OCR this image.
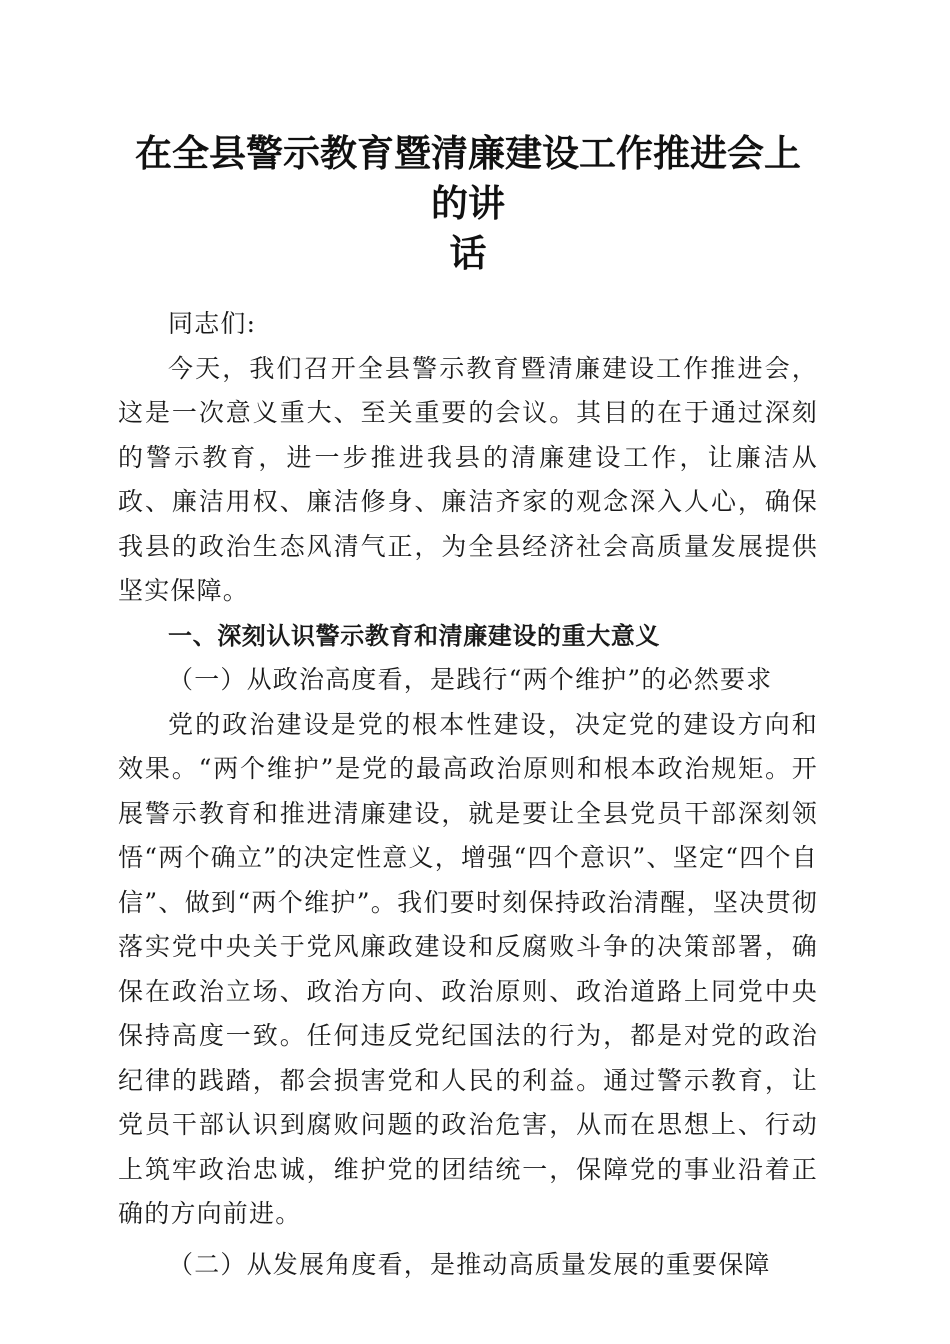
在全县警示教育暨清廉建设工作推进会上的讲
话

同志们:

今天，我们召开全县警示教育暨清廉建设工作推进会，这是一次意义重大、至关重要的会议。其目的在于通过深刻的警示教育，进一步推进我县的清廉建设工作，让廉洁从政、廉洁用权、廉洁修身、廉洁齐家的观念深入人心，确保我县的政治生态风清气正，为全县经济社会高质量发展提供坚实保障。

一、深刻认识警示教育和清廉建设的重大意义

（一）从政治高度看，是践行“两个维护”的必然要求

党的政治建设是党的根本性建设，决定党的建设方向和效果。“两个维护”是党的最高政治原则和根本政治规矩。开展警示教育和推进清廉建设，就是要让全县党员干部深刻领悟“两个确立”的决定性意义，增强“四个意识”、坚定“四个自信”、做到“两个维护”。我们要时刻保持政治清醒，坚决贯彻落实党中央关于党风廉政建设和反腐败斗争的决策部署，确保在政治立场、政治方向、政治原则、政治道路上同党中央保持高度一致。任何违反党纪国法的行为，都是对党的政治纪律的践踏，都会损害党和人民的利益。通过警示教育，让党员干部认识到腐败问题的政治危害，从而在思想上、行动上筑牢政治忠诚，维护党的团结统一，保障党的事业沿着正确的方向前进。

（二）从发展角度看，是推动高质量发展的重要保障
